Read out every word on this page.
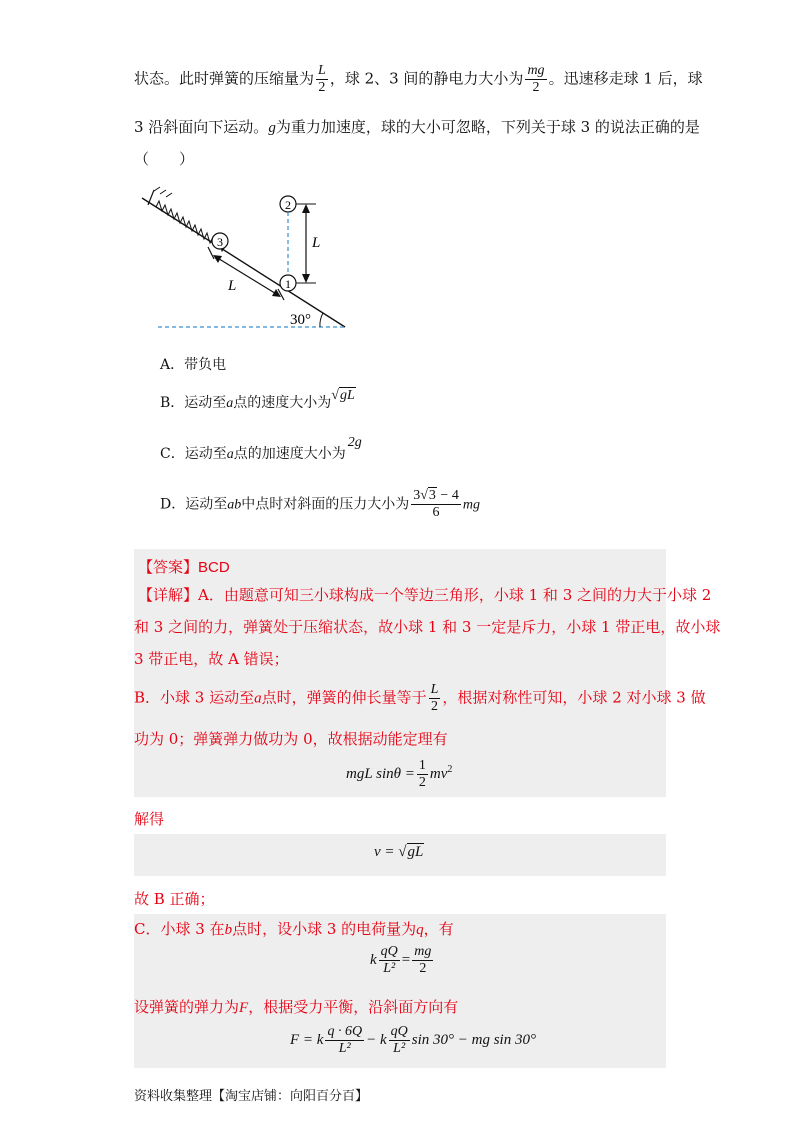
状态。此时弹簧的压缩量为 $\frac{L}{2}$ ，球 2、3 间的静电力大小为 $\frac{mg}{2}$ 。迅速移走球 1 后，球
3 沿斜面向下运动。g为重力加速度，球的大小可忽略，下列关于球 3 的说法正确的是
（　　）
3
1
2
L
L
30°
A．带负电
B．运动至a点的速度大小为√gL
C．运动至a点的加速度大小为2g
D．运动至ab中点时对斜面的压力大小为 $\frac{3√3 - 4}{6}$ mg
【答案】BCD
【详解】A．由题意可知三小球构成一个等边三角形，小球 1 和 3 之间的力大于小球 2
和 3 之间的力，弹簧处于压缩状态，故小球 1 和 3 一定是斥力，小球 1 带正电，故小球
3 带正电，故 A 错误；
B．小球 3 运动至a点时，弹簧的伸长量等于 $\frac{L}{2}$ ，根据对称性可知，小球 2 对小球 3 做
功为 0；弹簧弹力做功为 0，故根据动能定理有
mgL $\sin\theta = \frac{1}{2} mv^2$
解得
v = √gL
故 B 正确；
C．小球 3 在b点时，设小球 3 的电荷量为q，有
k $\frac{qQ}{\text{L²}} = \frac{mg}{2}$
设弹簧的弹力为F，根据受力平衡，沿斜面方向有
F = k $\frac{q \cdot 6Q}{\text{L²}} - k \frac{qQ}{\text{L²}}$ sin 30° − mg sin 30°
资料收集整理【淘宝店铺：向阳百分百】
